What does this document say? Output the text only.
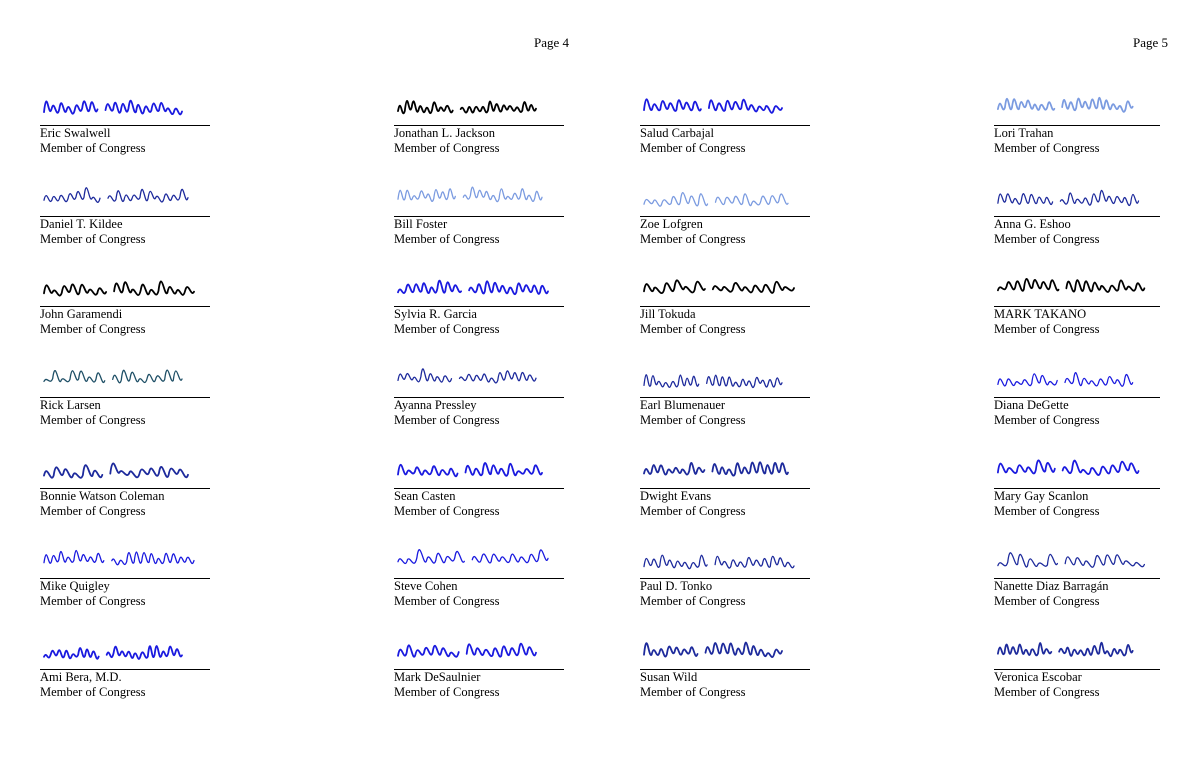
Page 4	Page 5
Eric Swalwell
Member of Congress
Daniel T. Kildee
Member of Congress
John Garamendi
Member of Congress
Rick Larsen
Member of Congress
Bonnie Watson Coleman
Member of Congress
Mike Quigley
Member of Congress
Ami Bera, M.D.
Member of Congress
Jonathan L. Jackson
Member of Congress
Bill Foster
Member of Congress
Sylvia R. Garcia
Member of Congress
Ayanna Pressley
Member of Congress
Sean Casten
Member of Congress
Steve Cohen
Member of Congress
Mark DeSaulnier
Member of Congress
Salud Carbajal
Member of Congress
Zoe Lofgren
Member of Congress
Jill Tokuda
Member of Congress
Earl Blumenauer
Member of Congress
Dwight Evans
Member of Congress
Paul D. Tonko
Member of Congress
Susan Wild
Member of Congress
Lori Trahan
Member of Congress
Anna G. Eshoo
Member of Congress
MARK TAKANO
Member of Congress
Diana DeGette
Member of Congress
Mary Gay Scanlon
Member of Congress
Nanette Diaz Barragán
Member of Congress
Veronica Escobar
Member of Congress
